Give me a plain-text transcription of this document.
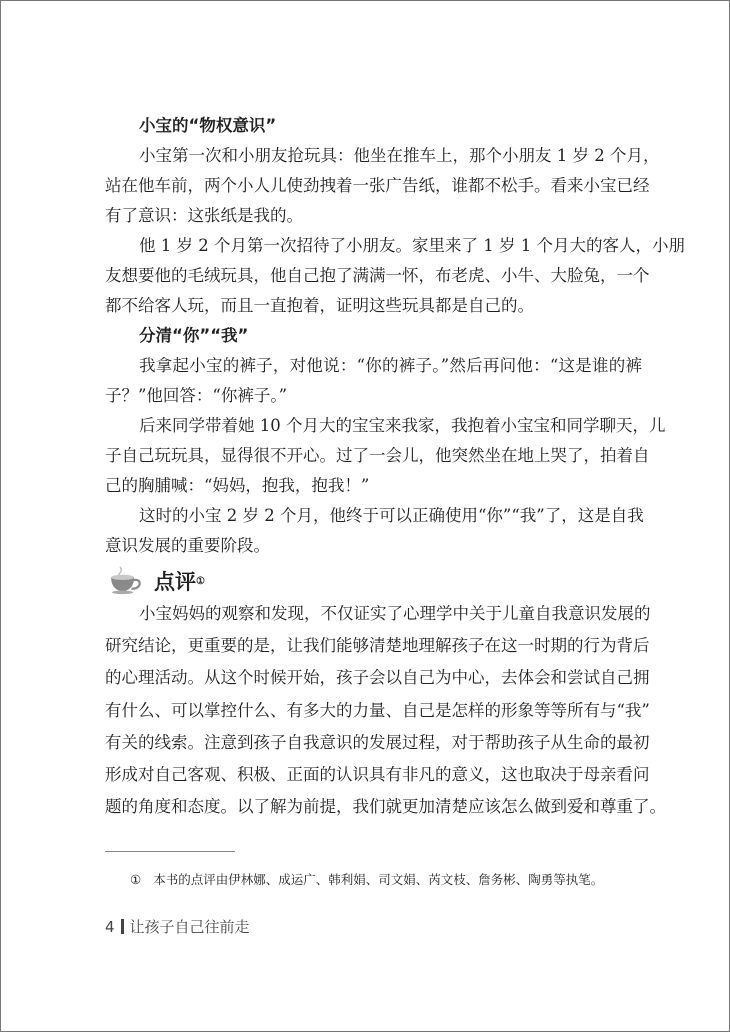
小宝的“物权意识”
小宝第一次和小朋友抢玩具：他坐在推车上，那个小朋友 1 岁 2 个月，
站在他车前，两个小人儿使劲拽着一张广告纸，谁都不松手。看来小宝已经
有了意识：这张纸是我的。
他 1 岁 2 个月第一次招待了小朋友。家里来了 1 岁 1 个月大的客人，小朋
友想要他的毛绒玩具，他自己抱了满满一怀，布老虎、小牛、大脸兔，一个
都不给客人玩，而且一直抱着，证明这些玩具都是自己的。
分清“你”“我”
我拿起小宝的裤子，对他说：“你的裤子。”然后再问他：“这是谁的裤
子？”他回答：“你裤子。”
后来同学带着她 10 个月大的宝宝来我家，我抱着小宝宝和同学聊天，儿
子自己玩玩具，显得很不开心。过了一会儿，他突然坐在地上哭了，拍着自
己的胸脯喊：“妈妈，抱我，抱我！”
这时的小宝 2 岁 2 个月，他终于可以正确使用“你”“我”了，这是自我
意识发展的重要阶段。
小宝妈妈的观察和发现，不仅证实了心理学中关于儿童自我意识发展的
研究结论，更重要的是，让我们能够清楚地理解孩子在这一时期的行为背后
的心理活动。从这个时候开始，孩子会以自己为中心，去体会和尝试自己拥
有什么、可以掌控什么、有多大的力量、自己是怎样的形象等等所有与“我”
有关的线索。注意到孩子自我意识的发展过程，对于帮助孩子从生命的最初
形成对自己客观、积极、正面的认识具有非凡的意义，这也取决于母亲看问
题的角度和态度。以了解为前提，我们就更加清楚应该怎么做到爱和尊重了。
点评①
① 本书的点评由伊林娜、成运广、韩利娟、司文娟、芮文枝、詹务彬、陶勇等执笔。
4 让孩子自己往前走
